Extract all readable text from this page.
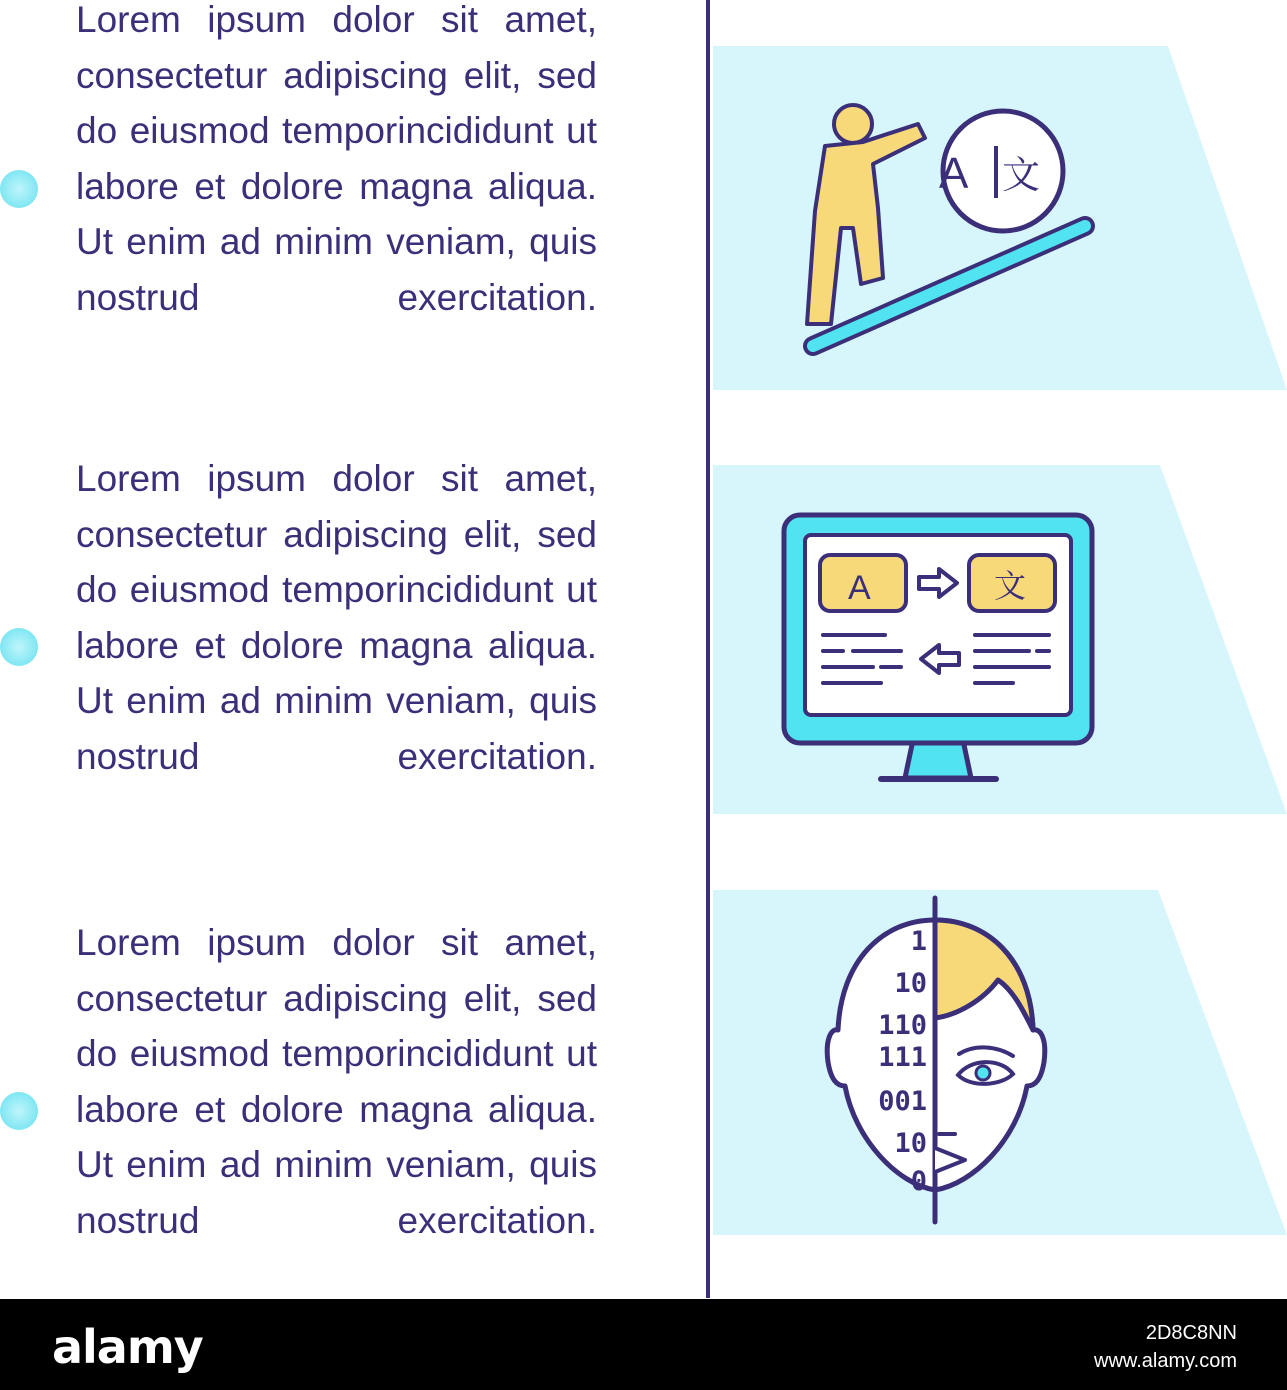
Lorem ipsum dolor sit amet, consectetur adipiscing elit, sed do eiusmod temporincididunt ut labore et dolore magna aliqua. Ut enim ad minim veniam, quis nostrud exercitation.
Lorem ipsum dolor sit amet, consectetur adipiscing elit, sed do eiusmod temporincididunt ut labore et dolore magna aliqua. Ut enim ad minim veniam, quis nostrud exercitation.
Lorem ipsum dolor sit amet, consectetur adipiscing elit, sed do eiusmod temporincididunt ut labore et dolore magna aliqua. Ut enim ad minim veniam, quis nostrud exercitation.
A 文
A	文
1
10
110
111
001
10
0
alamy	2D8C8NN
www.alamy.com
